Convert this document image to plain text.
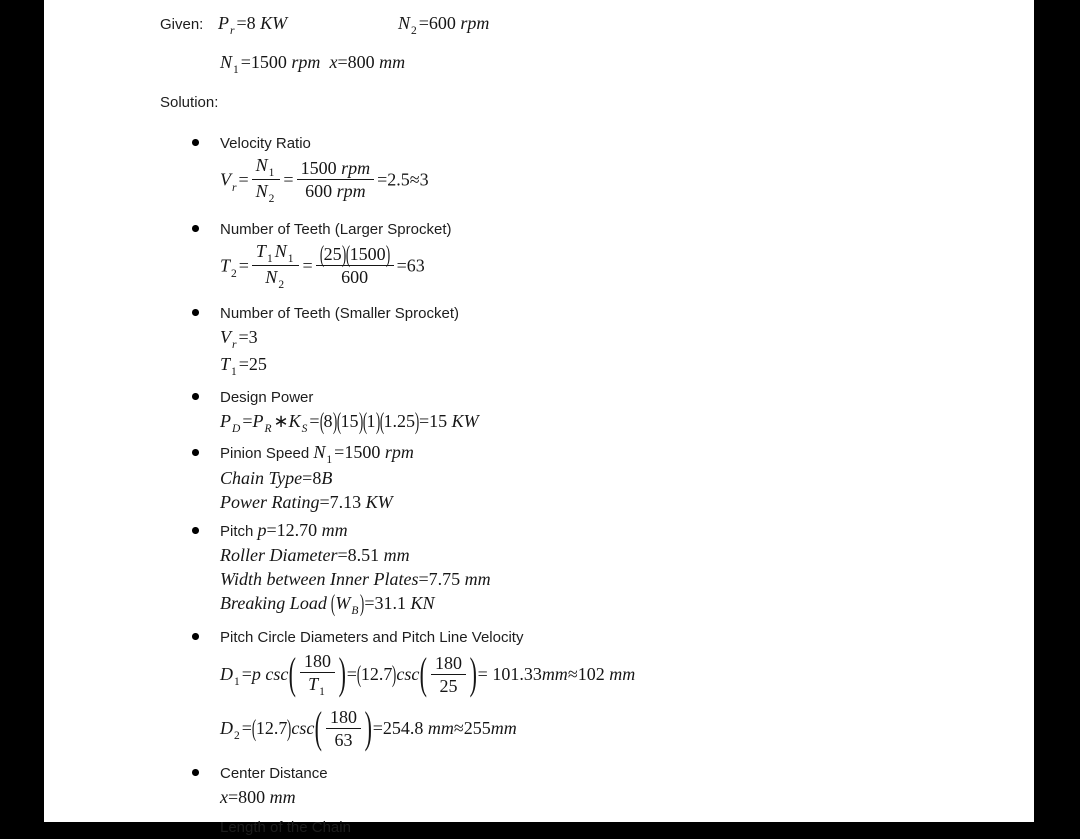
Given: Pr =8 KW	N2 =600 rpm
N1 =1500 rpm x=800 mm
Solution:
Velocity Ratio
$Vr = \frac{N1}{N2} = \frac{\text{1500 rpm}}{\text{600 rpm}} =2.5\approx 3$
Number of Teeth (Larger Sprocket)
$T2 = \frac{T1 N1}{N2} = \frac{(25)(1500)}{600} =63$
Number of Teeth (Smaller Sprocket)
Vr =3
T1 =25
Design Power
PD =PR ∗KS =(8)(15)(1)(1.25)=15 KW
Pinion Speed N1 =1500 rpm
Chain Type=8B
Power Rating=7.13 KW
Pitch p=12.70 mm
Roller Diameter=8.51 mm
Width between Inner Plates=7.75 mm
Breaking Load (WB )=31.1 KN
Pitch Circle Diameters and Pitch Line Velocity
D1 =p csc ( $\frac{180}{T1}$ ) =(12.7)csc ( $\frac{180}{25}$ ) = 101.33mm≈102 mm
D2 =(12.7)csc ( $\frac{180}{63}$ ) =254.8 mm≈255mm
Center Distance
x=800 mm
Length of the Chain
